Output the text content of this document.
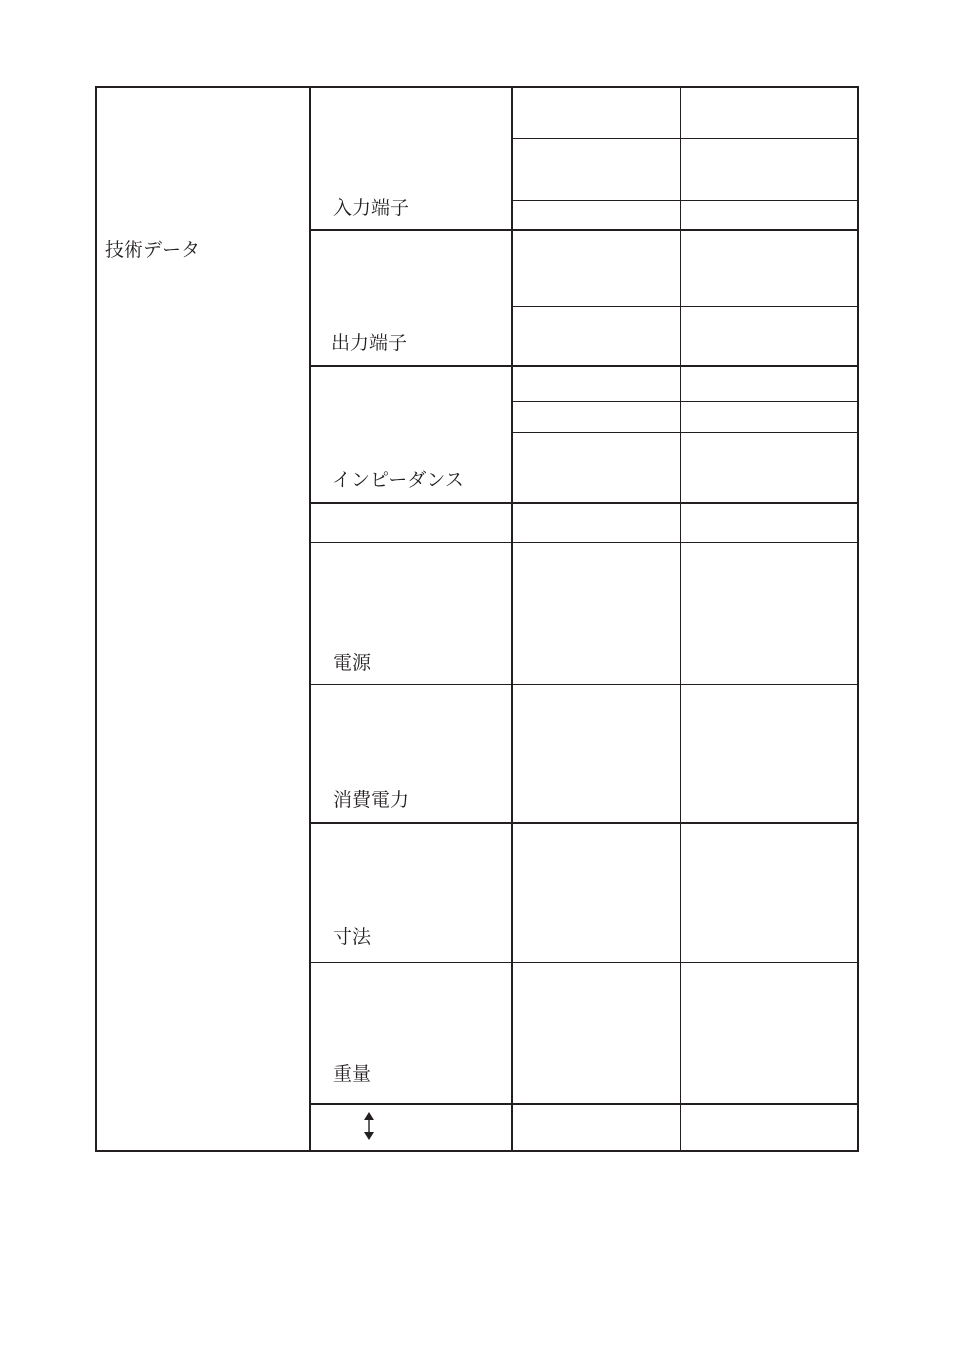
技術データ
入力端子
出力端子
インピーダンス
電源
消費電力
寸法
重量
